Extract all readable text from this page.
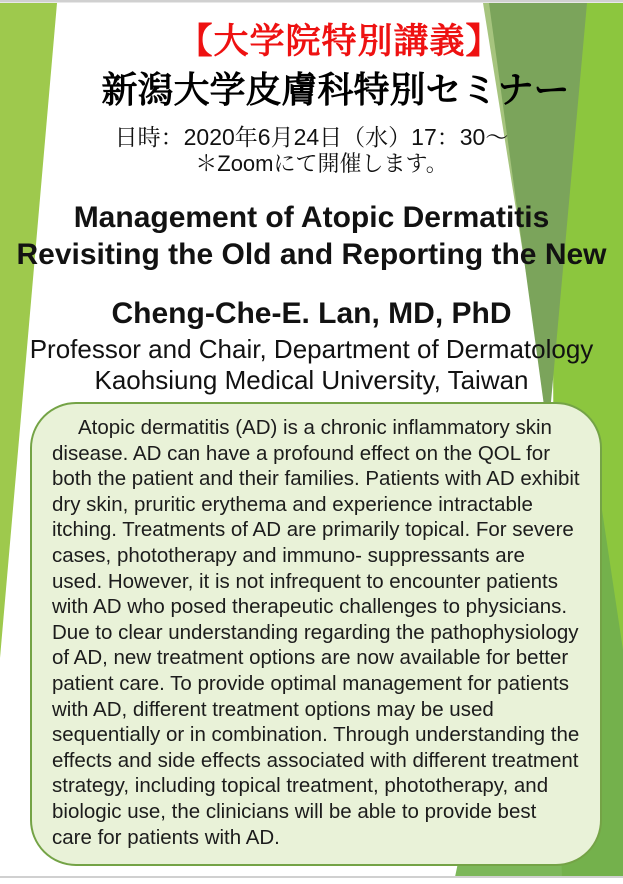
【大学院特別講義】
新潟大学皮膚科特別セミナー
日時：2020年6月24日（水）17：30～
＊Zoomにて開催します。
Management of Atopic Dermatitis
Revisiting the Old and Reporting the New
Cheng-Che-E. Lan, MD, PhD
Professor and Chair, Department of Dermatology
Kaohsiung Medical University, Taiwan

Atopic dermatitis (AD) is a chronic inflammatory skin disease. AD can have a profound effect on the QOL for both the patient and their families. Patients with AD exhibit dry skin, pruritic erythema and experience intractable itching. Treatments of AD are primarily topical. For severe cases, phototherapy and immuno- suppressants are used. However, it is not infrequent to encounter patients with AD who posed therapeutic challenges to physicians. Due to clear understanding regarding the pathophysiology of AD, new treatment options are now available for better patient care. To provide optimal management for patients with AD, different treatment options may be used sequentially or in combination. Through understanding the effects and side effects associated with different treatment strategy, including topical treatment, phototherapy, and biologic use, the clinicians will be able to provide best care for patients with AD.
